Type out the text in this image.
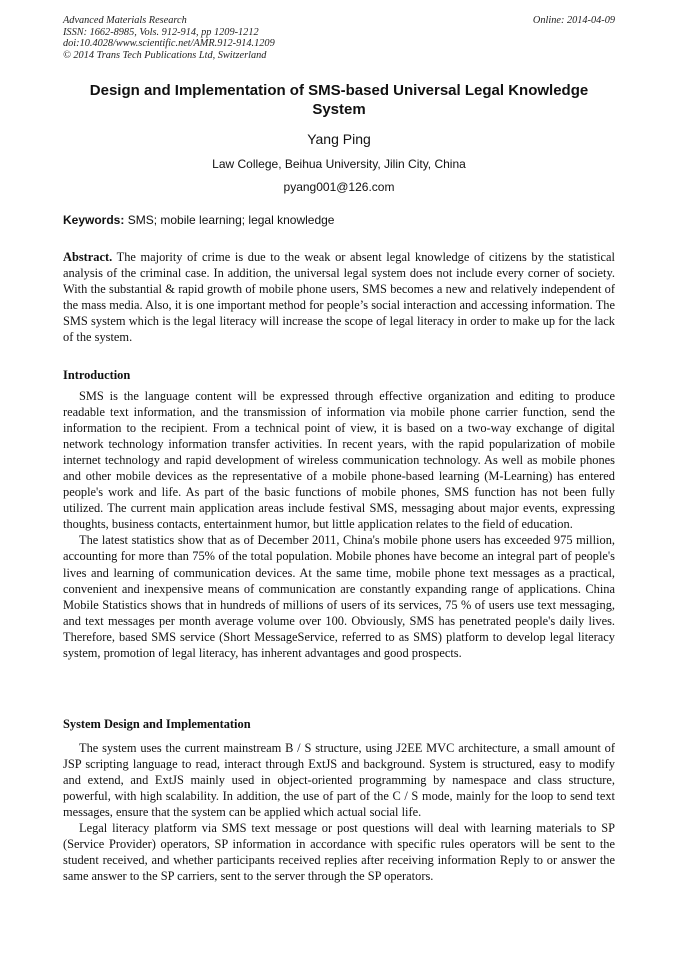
Advanced Materials Research
ISSN: 1662-8985, Vols. 912-914, pp 1209-1212
doi:10.4028/www.scientific.net/AMR.912-914.1209
© 2014 Trans Tech Publications Ltd, Switzerland
Online: 2014-04-09
Design and Implementation of SMS-based Universal Legal Knowledge System
Yang Ping
Law College, Beihua University, Jilin City, China
pyang001@126.com
Keywords: SMS; mobile learning; legal knowledge

Abstract. The majority of crime is due to the weak or absent legal knowledge of citizens by the statistical analysis of the criminal case. In addition, the universal legal system does not include every corner of society. With the substantial & rapid growth of mobile phone users, SMS becomes a new and relatively independent of the mass media. Also, it is one important method for people’s social interaction and accessing information. The SMS system which is the legal literacy will increase the scope of legal literacy in order to make up for the lack of the system.

Introduction

SMS is the language content will be expressed through effective organization and editing to produce readable text information, and the transmission of information via mobile phone carrier function, send the information to the recipient. From a technical point of view, it is based on a two-way exchange of digital network technology information transfer activities. In recent years, with the rapid popularization of mobile internet technology and rapid development of wireless communication technology. As well as mobile phones and other mobile devices as the representative of a mobile phone-based learning (M-Learning) has entered people's work and life. As part of the basic functions of mobile phones, SMS function has not been fully utilized. The current main application areas include festival SMS, messaging about major events, expressing thoughts, business contacts, entertainment humor, but little application relates to the field of education.

The latest statistics show that as of December 2011, China's mobile phone users has exceeded 975 million, accounting for more than 75% of the total population. Mobile phones have become an integral part of people's lives and learning of communication devices. At the same time, mobile phone text messages as a practical, convenient and inexpensive means of communication are constantly expanding range of applications. China Mobile Statistics shows that in hundreds of millions of users of its services, 75 % of users use text messaging, and text messages per month average volume over 100. Obviously, SMS has penetrated people's daily lives. Therefore, based SMS service (Short MessageService, referred to as SMS) platform to develop legal literacy system, promotion of legal literacy, has inherent advantages and good prospects.

System Design and Implementation

The system uses the current mainstream B / S structure, using J2EE MVC architecture, a small amount of JSP scripting language to read, interact through ExtJS and background. System is structured, easy to modify and extend, and ExtJS mainly used in object-oriented programming by namespace and class structure, powerful, with high scalability. In addition, the use of part of the C / S mode, mainly for the loop to send text messages, ensure that the system can be applied which actual social life.

Legal literacy platform via SMS text message or post questions will deal with learning materials to SP (Service Provider) operators, SP information in accordance with specific rules operators will be sent to the student received, and whether participants received replies after receiving information Reply to or answer the same answer to the SP carriers, sent to the server through the SP operators.
